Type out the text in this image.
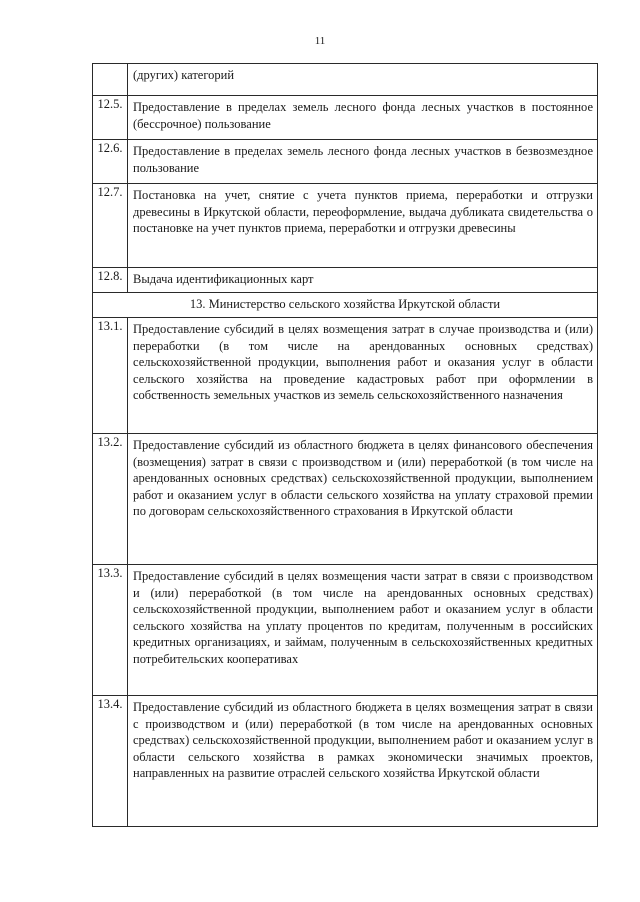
11
	(других) категорий
12.5.	Предоставление в пределах земель лесного фонда лесных участков в постоянное (бессрочное) пользование
12.6.	Предоставление в пределах земель лесного фонда лесных участков в безвозмездное пользование
12.7.	Постановка на учет, снятие с учета пунктов приема, переработки и отгрузки древесины в Иркутской области, переоформление, выдача дубликата свидетельства о постановке на учет пунктов приема, переработки и отгрузки древесины
12.8.	Выдача идентификационных карт
13. Министерство сельского хозяйства Иркутской области	
13.1.	Предоставление субсидий в целях возмещения затрат в случае производства и (или) переработки (в том числе на арендованных основных средствах) сельскохозяйственной продукции, выполнения работ и оказания услуг в области сельского хозяйства на проведение кадастровых работ при оформлении в собственность земельных участков из земель сельскохозяйственного назначения
13.2.	Предоставление субсидий из областного бюджета в целях финансового обеспечения (возмещения) затрат в связи с производством и (или) переработкой (в том числе на арендованных основных средствах) сельскохозяйственной продукции, выполнением работ и оказанием услуг в области сельского хозяйства на уплату страховой премии по договорам сельскохозяйственного страхования в Иркутской области
13.3.	Предоставление субсидий в целях возмещения части затрат в связи с производством и (или) переработкой (в том числе на арендованных основных средствах) сельскохозяйственной продукции, выполнением работ и оказанием услуг в области сельского хозяйства на уплату процентов по кредитам, полученным в российских кредитных организациях, и займам, полученным в сельскохозяйственных кредитных потребительских кооперативах
13.4.	Предоставление субсидий из областного бюджета в целях возмещения затрат в связи с производством и (или) переработкой (в том числе на арендованных основных средствах) сельскохозяйственной продукции, выполнением работ и оказанием услуг в области сельского хозяйства в рамках экономически значимых проектов, направленных на развитие отраслей сельского хозяйства Иркутской области
